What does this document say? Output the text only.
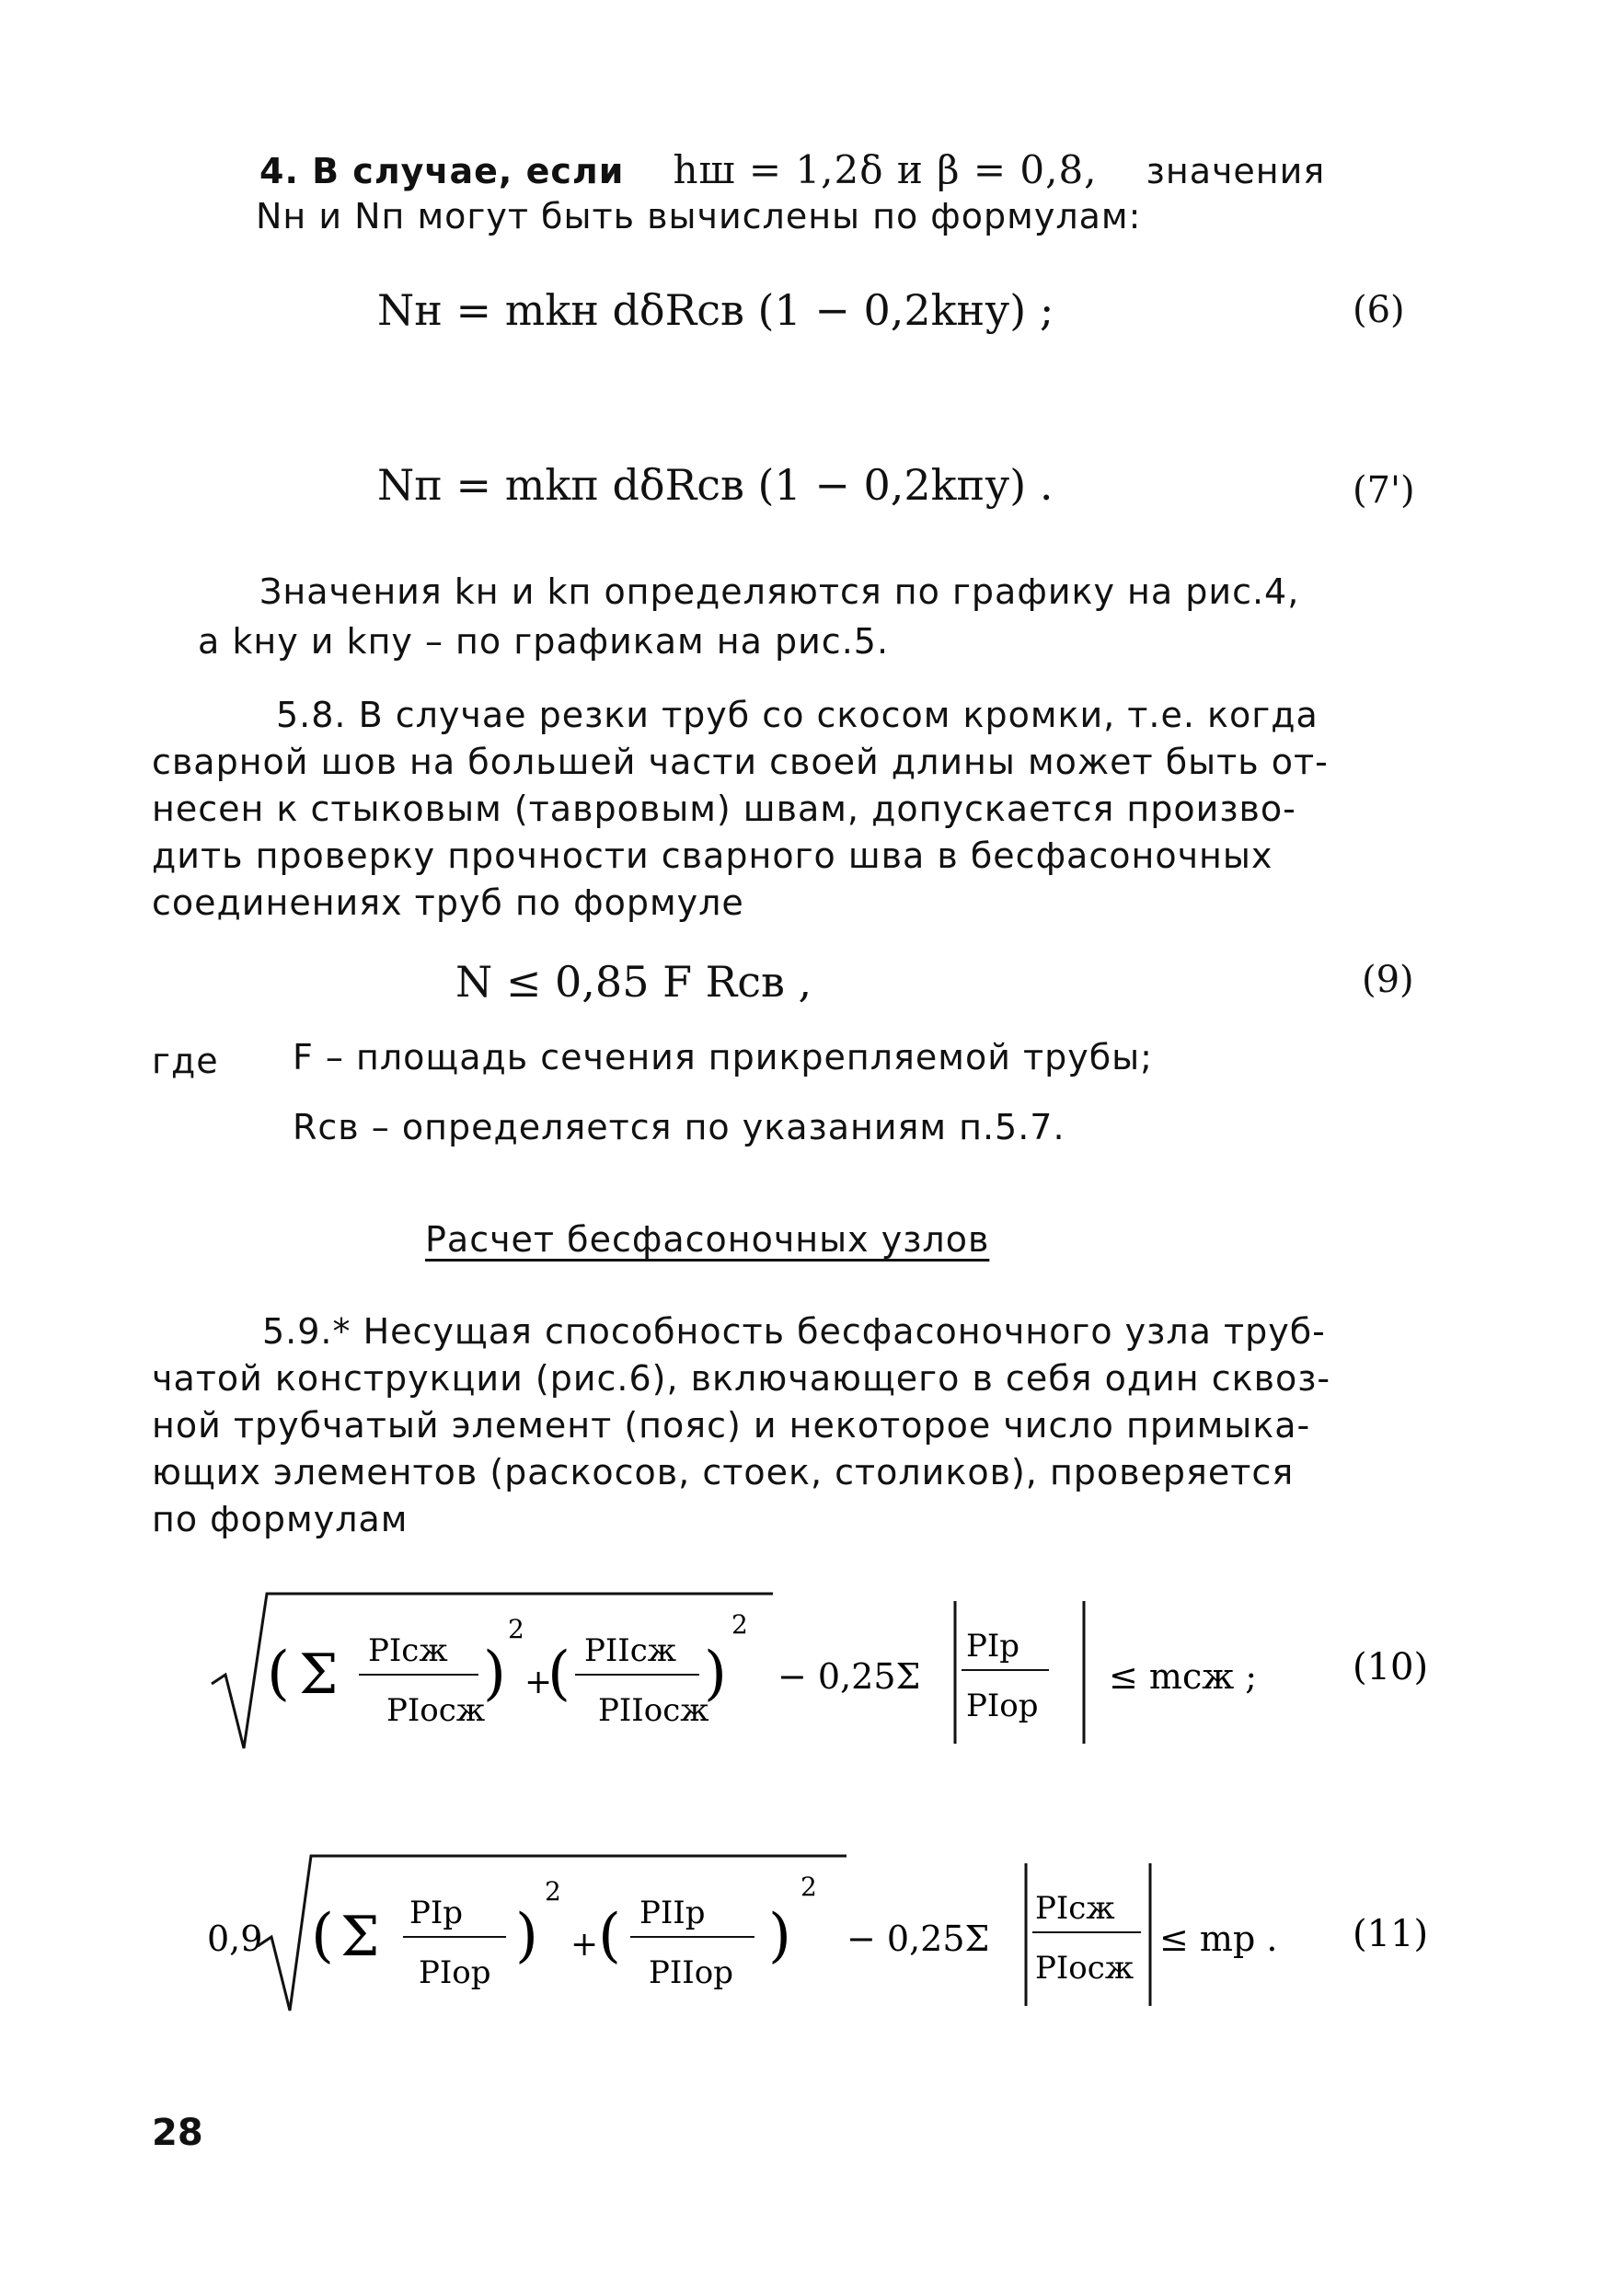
4. В случае, если hш = 1,2δ и β = 0,8, значения
Nн и Nп могут быть вычислены по формулам:
Nн = mkн dδRсв (1 − 0,2kну) ;	(6)
Nп = mkп dδRсв (1 − 0,2kпу) .	(7')
Значения kн и kп определяются по графику на рис.4,
а kну и kпу – по графикам на рис.5.
5.8. В случае резки труб со скосом кромки, т.е. когда
сварной шов на большей части своей длины может быть от-
несен к стыковым (тавровым) швам, допускается произво-
дить проверку прочности сварного шва в бесфасоночных
соединениях труб по формуле
N ≤ 0,85 F Rсв ,	(9)
где F – площадь сечения прикрепляемой трубы;
Rсв – определяется по указаниям п.5.7.
Расчет бесфасоночных узлов
5.9.* Несущая способность бесфасоночного узла труб-
чатой конструкции (рис.6), включающего в себя один сквоз-
ной трубчатый элемент (пояс) и некоторое число примыка-
ющих элементов (раскосов, стоек, столиков), проверяется
по формулам
( Σ PIсж
PIосж
)
2
+
( PIIсж
PIIосж
)
2
− 0,25Σ
PIр
PIор
≤ mсж ;	(10)
0,9 ( Σ PIр
PIор
)
2
+ ( PIIр
PIIор
)
2
− 0,25Σ
PIсж
PIосж
≤ mр . (11)
28
